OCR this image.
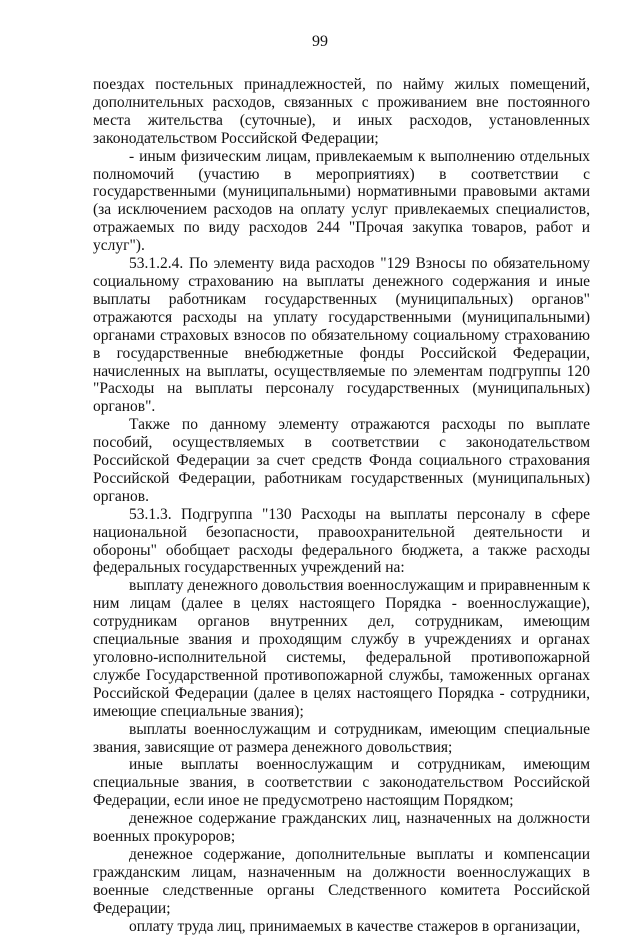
99

поездах постельных принадлежностей, по найму жилых помещений, дополнительных расходов, связанных с проживанием вне постоянного места жительства (суточные), и иных расходов, установленных законодательством Российской Федерации;

- иным физическим лицам, привлекаемым к выполнению отдельных полномочий (участию в мероприятиях) в соответствии с государственными (муниципальными) нормативными правовыми актами (за исключением расходов на оплату услуг привлекаемых специалистов, отражаемых по виду расходов 244 "Прочая закупка товаров, работ и услуг").

53.1.2.4. По элементу вида расходов "129 Взносы по обязательному социальному страхованию на выплаты денежного содержания и иные выплаты работникам государственных (муниципальных) органов" отражаются расходы на уплату государственными (муниципальными) органами страховых взносов по обязательному социальному страхованию в государственные внебюджетные фонды Российской Федерации, начисленных на выплаты, осуществляемые по элементам подгруппы 120 "Расходы на выплаты персоналу государственных (муниципальных) органов".

Также по данному элементу отражаются расходы по выплате пособий, осуществляемых в соответствии с законодательством Российской Федерации за счет средств Фонда социального страхования Российской Федерации, работникам государственных (муниципальных) органов.

53.1.3. Подгруппа "130 Расходы на выплаты персоналу в сфере национальной безопасности, правоохранительной деятельности и обороны" обобщает расходы федерального бюджета, а также расходы федеральных государственных учреждений на:

выплату денежного довольствия военнослужащим и приравненным к ним лицам (далее в целях настоящего Порядка - военнослужащие), сотрудникам органов внутренних дел, сотрудникам, имеющим специальные звания и проходящим службу в учреждениях и органах уголовно-исполнительной системы, федеральной противопожарной службе Государственной противопожарной службы, таможенных органах Российской Федерации (далее в целях настоящего Порядка - сотрудники, имеющие специальные звания);

выплаты военнослужащим и сотрудникам, имеющим специальные звания, зависящие от размера денежного довольствия;

иные выплаты военнослужащим и сотрудникам, имеющим специальные звания, в соответствии с законодательством Российской Федерации, если иное не предусмотрено настоящим Порядком;

денежное содержание гражданских лиц, назначенных на должности военных прокуроров;

денежное содержание, дополнительные выплаты и компенсации гражданским лицам, назначенным на должности военнослужащих в военные следственные органы Следственного комитета Российской Федерации;

оплату труда лиц, принимаемых в качестве стажеров в организации,
